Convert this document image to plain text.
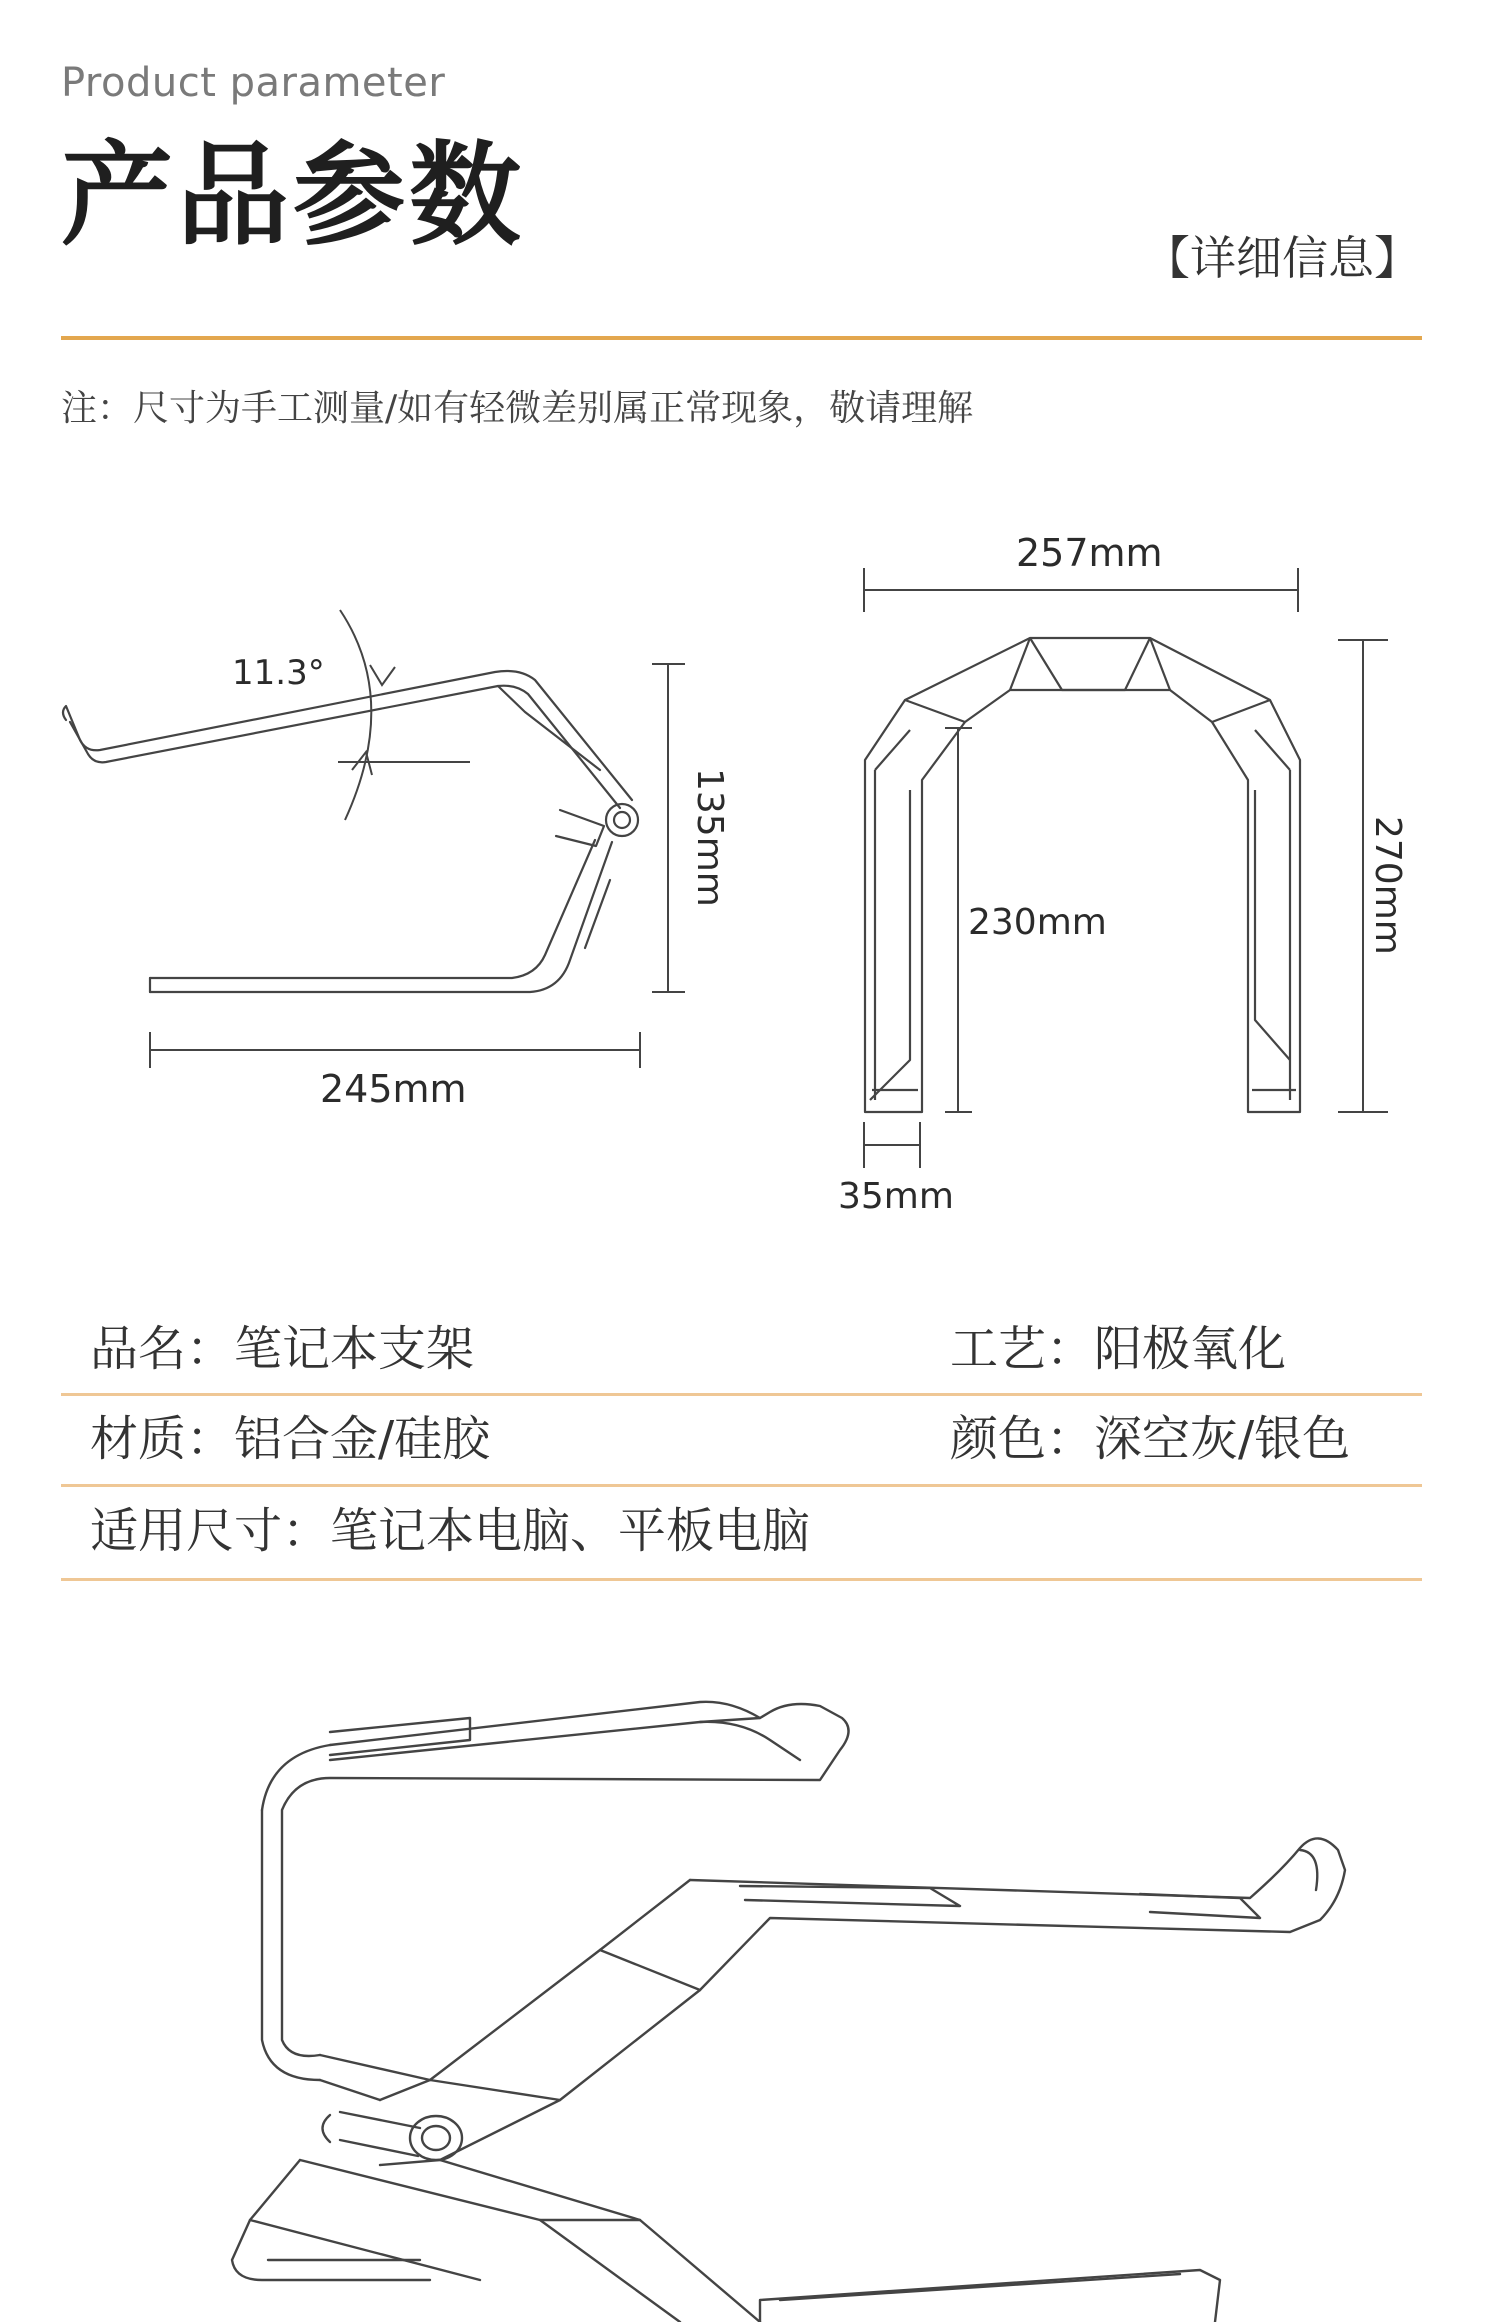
Product parameter
产品参数	【详细信息】
注：尺寸为手工测量/如有轻微差别属正常现象，敬请理解
11.3°
135mm
245mm
257mm
270mm
230mm
35mm
品名：笔记本支架	工艺：阳极氧化
材质：铝合金/硅胶	颜色：深空灰/银色
适用尺寸：笔记本电脑、平板电脑
